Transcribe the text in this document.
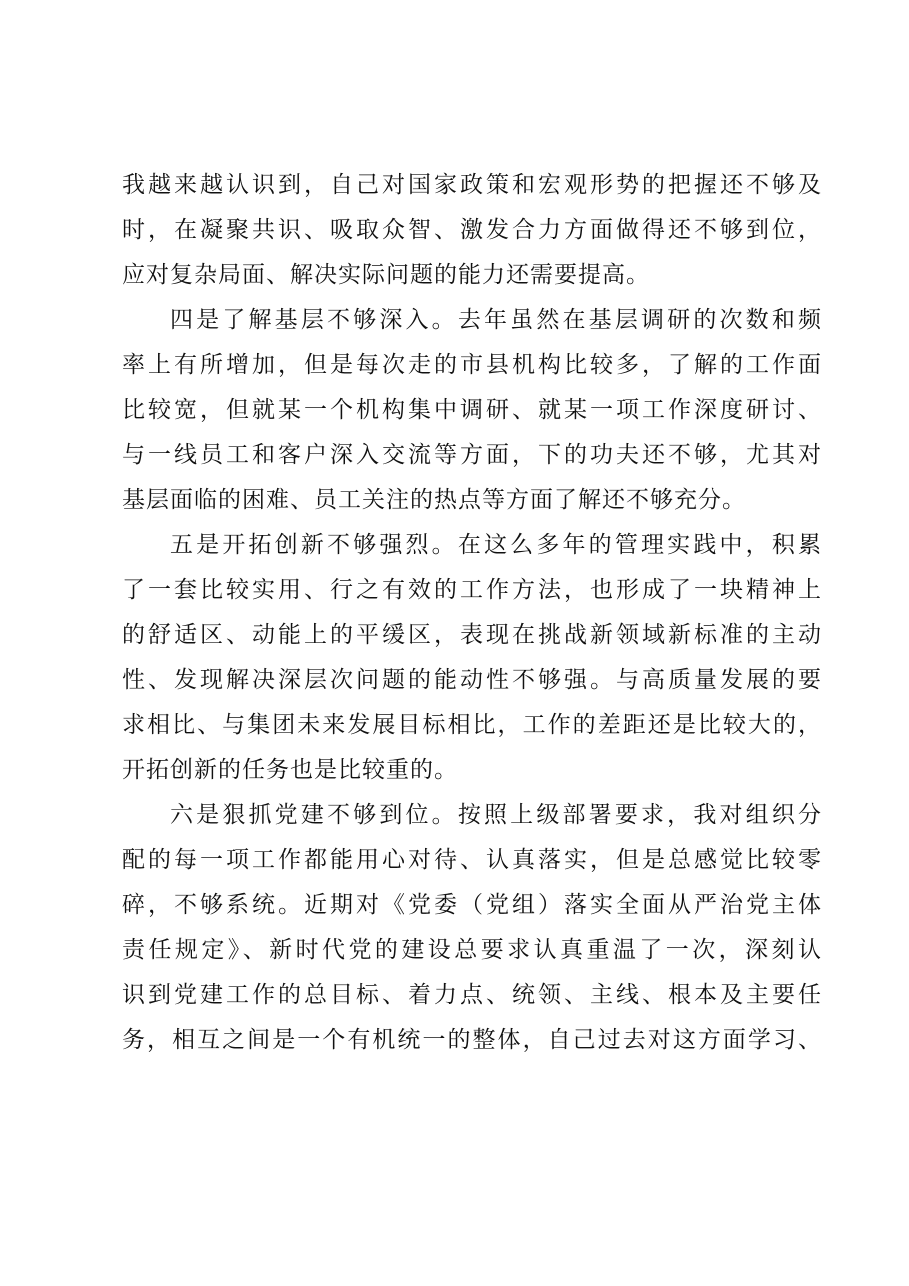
我越来越认识到，自己对国家政策和宏观形势的把握还不够及
时，在凝聚共识、吸取众智、激发合力方面做得还不够到位，
应对复杂局面、解决实际问题的能力还需要提高。
四是了解基层不够深入。去年虽然在基层调研的次数和频
率上有所增加，但是每次走的市县机构比较多，了解的工作面
比较宽，但就某一个机构集中调研、就某一项工作深度研讨、
与一线员工和客户深入交流等方面，下的功夫还不够，尤其对
基层面临的困难、员工关注的热点等方面了解还不够充分。
五是开拓创新不够强烈。在这么多年的管理实践中，积累
了一套比较实用、行之有效的工作方法，也形成了一块精神上
的舒适区、动能上的平缓区，表现在挑战新领域新标准的主动
性、发现解决深层次问题的能动性不够强。与高质量发展的要
求相比、与集团未来发展目标相比，工作的差距还是比较大的，
开拓创新的任务也是比较重的。
六是狠抓党建不够到位。按照上级部署要求，我对组织分
配的每一项工作都能用心对待、认真落实，但是总感觉比较零
碎，不够系统。近期对《党委（党组）落实全面从严治党主体
责任规定》、新时代党的建设总要求认真重温了一次，深刻认
识到党建工作的总目标、着力点、统领、主线、根本及主要任
务，相互之间是一个有机统一的整体，自己过去对这方面学习、
